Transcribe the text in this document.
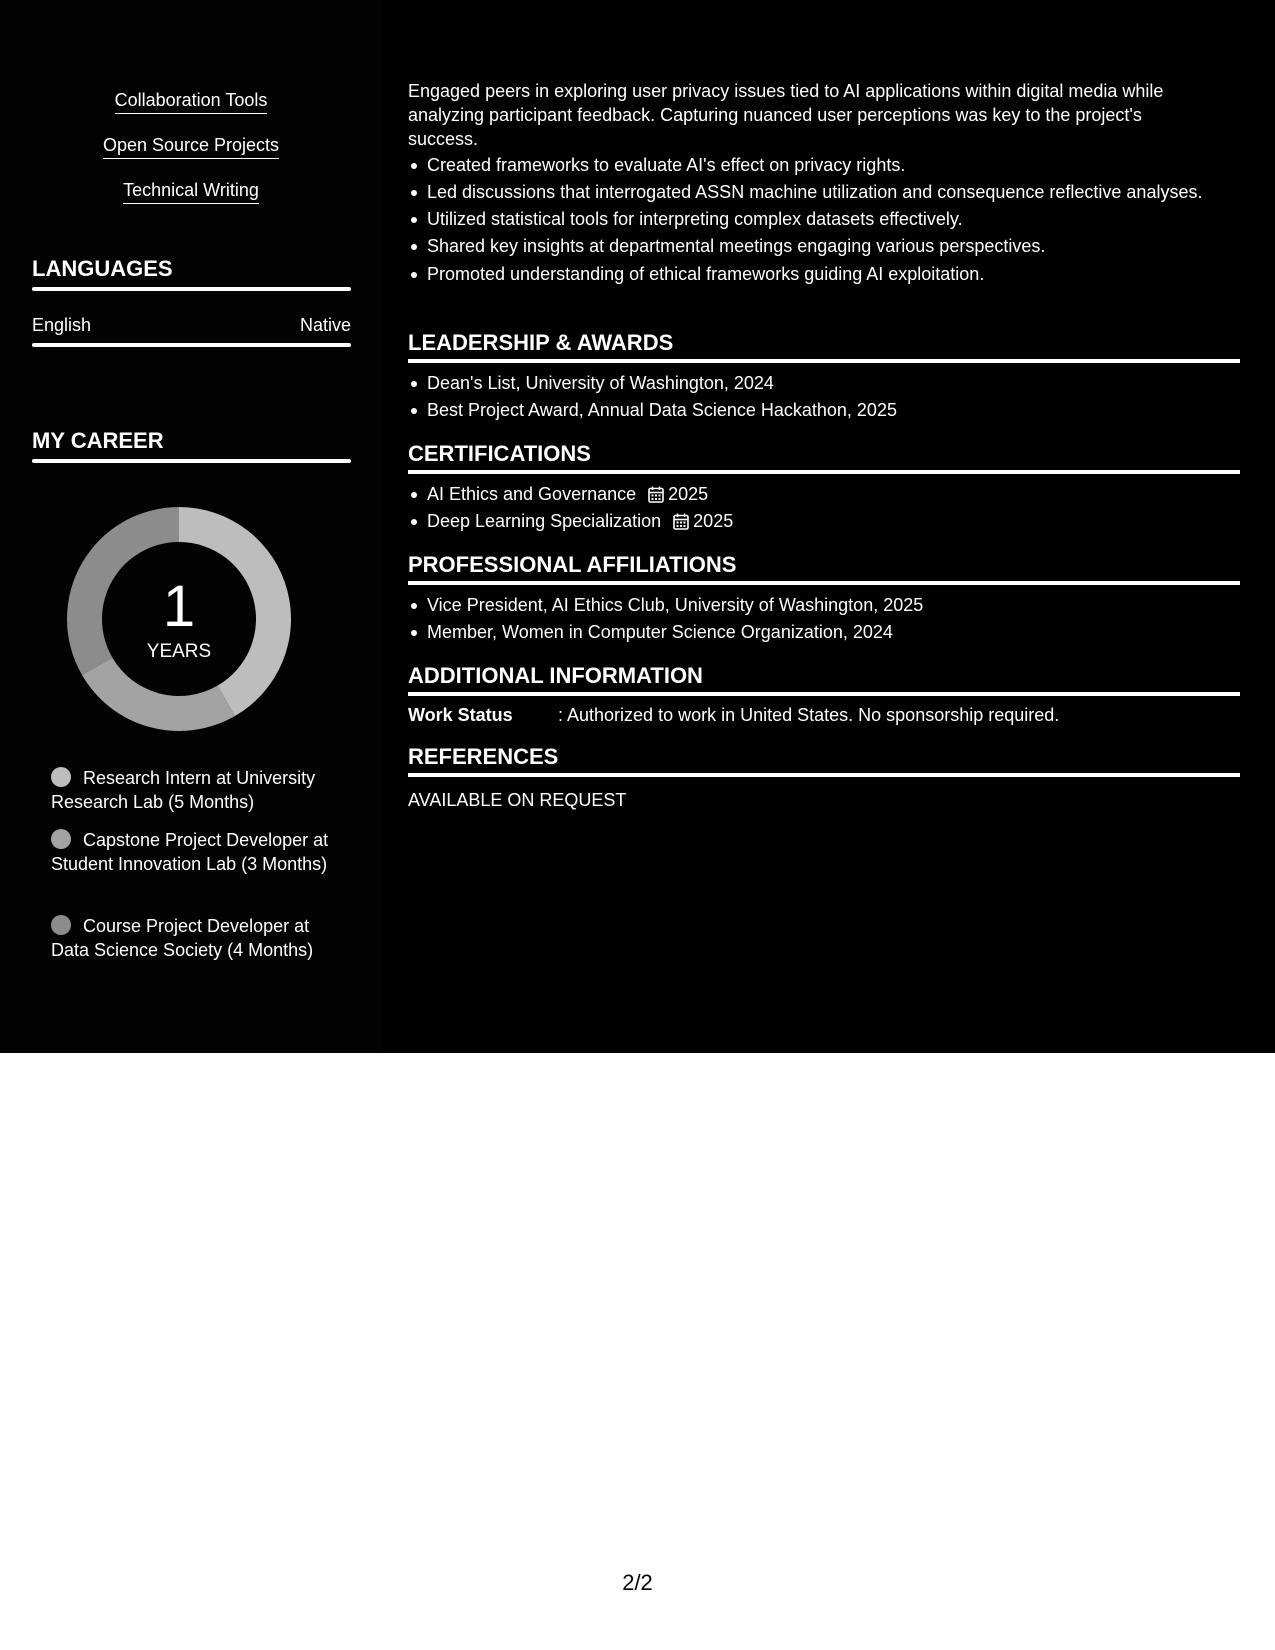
Collaboration Tools
Open Source Projects
Technical Writing
LANGUAGES
English	Native
MY CAREER
1
YEARS
Research Intern at University Research Lab (5 Months)
Capstone Project Developer at Student Innovation Lab (3 Months)
Course Project Developer at Data Science Society (4 Months)
Engaged peers in exploring user privacy issues tied to AI applications within digital media while analyzing participant feedback. Capturing nuanced user perceptions was key to the project's success.
Created frameworks to evaluate AI's effect on privacy rights.
Led discussions that interrogated ASSN machine utilization and consequence reflective analyses.
Utilized statistical tools for interpreting complex datasets effectively.
Shared key insights at departmental meetings engaging various perspectives.
Promoted understanding of ethical frameworks guiding AI exploitation.
LEADERSHIP & AWARDS
Dean's List, University of Washington, 2024
Best Project Award, Annual Data Science Hackathon, 2025
CERTIFICATIONS
AI Ethics and Governance 2025
Deep Learning Specialization 2025
PROFESSIONAL AFFILIATIONS
Vice President, AI Ethics Club, University of Washington, 2025
Member, Women in Computer Science Organization, 2024
ADDITIONAL INFORMATION
Work Status	: Authorized to work in United States. No sponsorship required.
REFERENCES
AVAILABLE ON REQUEST
2/2
